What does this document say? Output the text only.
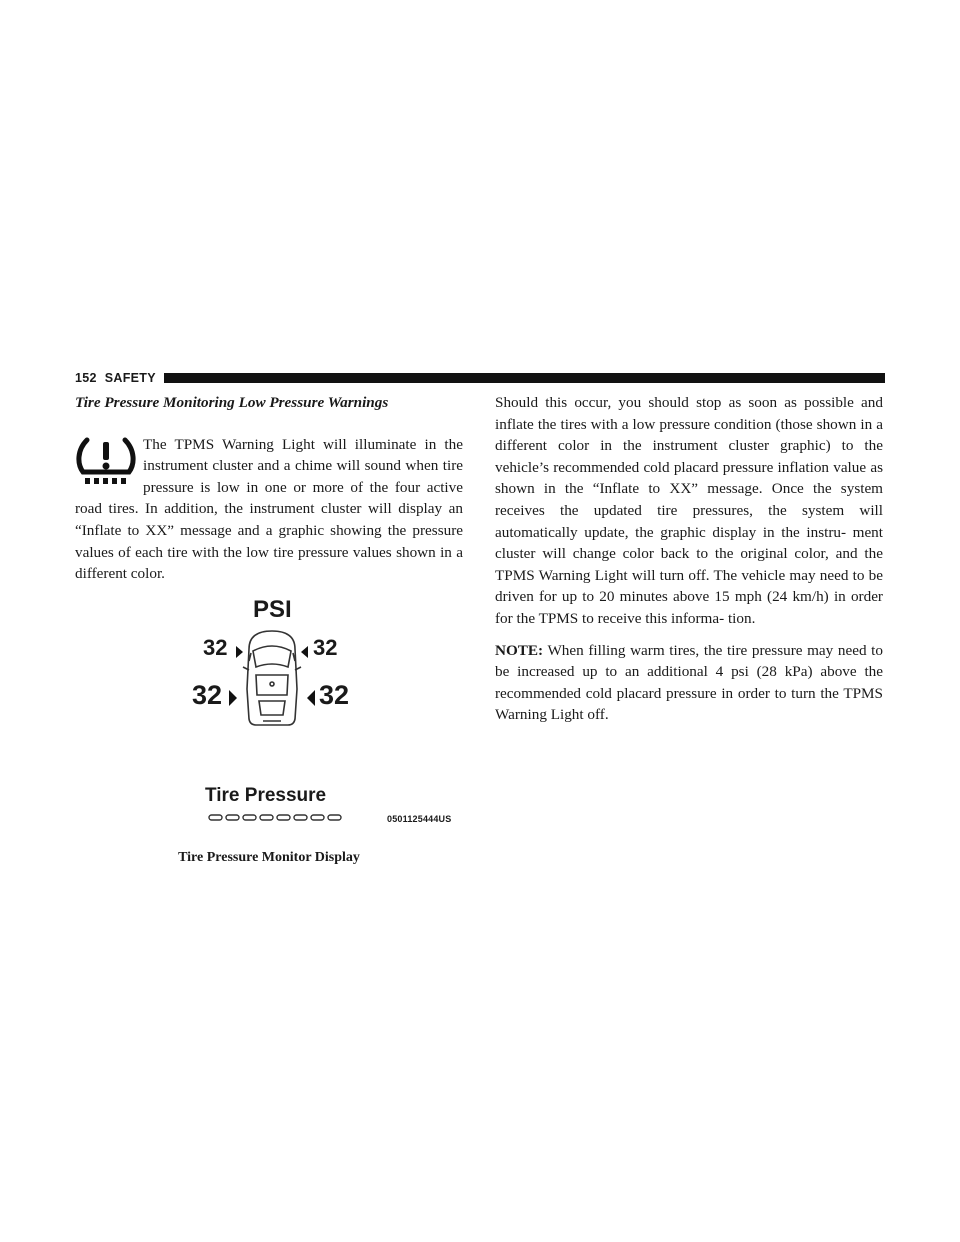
152 SAFETY
Tire Pressure Monitoring Low Pressure Warnings

The TPMS Warning Light will illuminate in the instrument cluster and a chime will sound when tire pressure is low in one or more of the four active road tires. In addition, the instrument cluster will display an “Inflate to XX” message and a graphic showing the pressure values of each tire with the low tire pressure values shown in a different color.

PSI
32	32
32	32
Tire Pressure
0501125444US
Tire Pressure Monitor Display

Should this occur, you should stop as soon as possible and inflate the tires with a low pressure condition (those shown in a different color in the instrument cluster graphic) to the vehicle’s recommended cold placard pressure inflation value as shown in the “Inflate to XX” message. Once the system receives the updated tire pressures, the system will automatically update, the graphic display in the instru- ment cluster will change color back to the original color, and the TPMS Warning Light will turn off. The vehicle may need to be driven for up to 20 minutes above 15 mph (24 km/h) in order for the TPMS to receive this informa- tion.

NOTE: When filling warm tires, the tire pressure may need to be increased up to an additional 4 psi (28 kPa) above the recommended cold placard pressure in order to turn the TPMS Warning Light off.
